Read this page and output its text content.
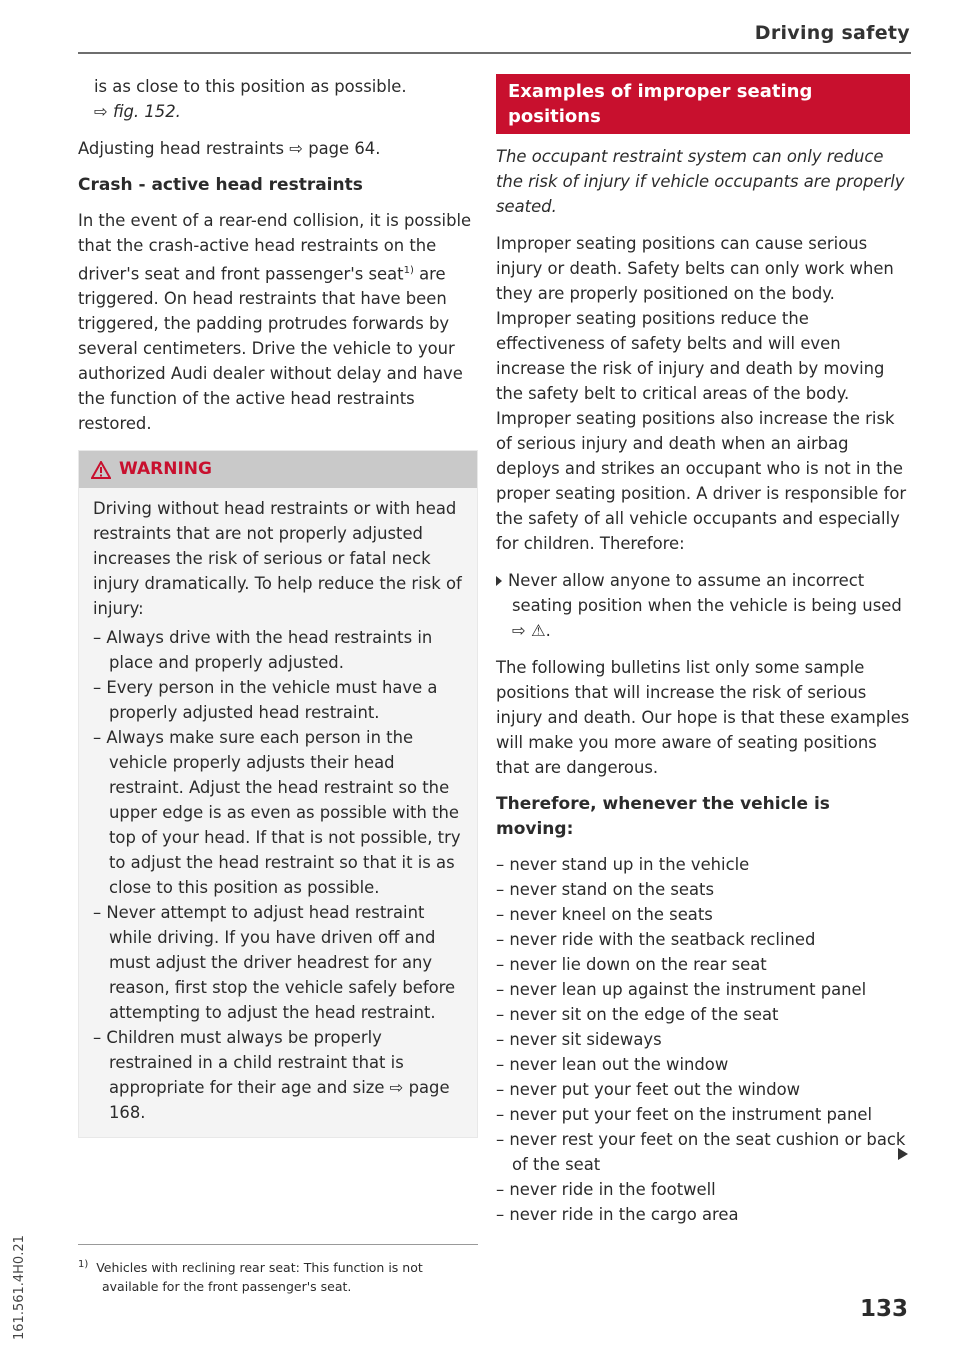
Driving safety

is as close to this position as possible.
⇨ fig. 152.

Adjusting head restraints ⇨ page 64.

Crash - active head restraints

In the event of a rear-end collision, it is possible that the crash-active head restraints on the driver's seat and front passenger's seat$^{1)}$ are triggered. On head restraints that have been triggered, the padding protrudes forwards by several centimeters. Drive the vehicle to your authorized Audi dealer without delay and have the function of the active head restraints restored.

WARNING

Driving without head restraints or with head restraints that are not properly adjusted increases the risk of serious or fatal neck injury dramatically. To help reduce the risk of injury:

– Always drive with the head restraints in place and properly adjusted.

– Every person in the vehicle must have a properly adjusted head restraint.

– Always make sure each person in the vehicle properly adjusts their head restraint. Adjust the head restraint so the upper edge is as even as possible with the top of your head. If that is not possible, try to adjust the head restraint so that it is as close to this position as possible.

– Never attempt to adjust head restraint while driving. If you have driven off and must adjust the driver headrest for any reason, first stop the vehicle safely before attempting to adjust the head restraint.

– Children must always be properly restrained in a child restraint that is appropriate for their age and size ⇨ page 168.

Examples of improper seating positions

The occupant restraint system can only reduce the risk of injury if vehicle occupants are properly seated.

Improper seating positions can cause serious injury or death. Safety belts can only work when they are properly positioned on the body. Improper seating positions reduce the effectiveness of safety belts and will even increase the risk of injury and death by moving the safety belt to critical areas of the body. Improper seating positions also increase the risk of serious injury and death when an airbag deploys and strikes an occupant who is not in the proper seating position. A driver is responsible for the safety of all vehicle occupants and especially for children. Therefore:

Never allow anyone to assume an incorrect seating position when the vehicle is being used ⇨ ⚠.

The following bulletins list only some sample positions that will increase the risk of serious injury and death. Our hope is that these examples will make you more aware of seating positions that are dangerous.

Therefore, whenever the vehicle is moving:

– never stand up in the vehicle

– never stand on the seats

– never kneel on the seats

– never ride with the seatback reclined

– never lie down on the rear seat

– never lean up against the instrument panel

– never sit on the edge of the seat

– never sit sideways

– never lean out the window

– never put your feet out the window

– never put your feet on the instrument panel

– never rest your feet on the seat cushion or back of the seat

– never ride in the footwell

– never ride in the cargo area

$^{1)}$ Vehicles with reclining rear seat: This function is not available for the front passenger's seat.
161.561.4H0.21	133
